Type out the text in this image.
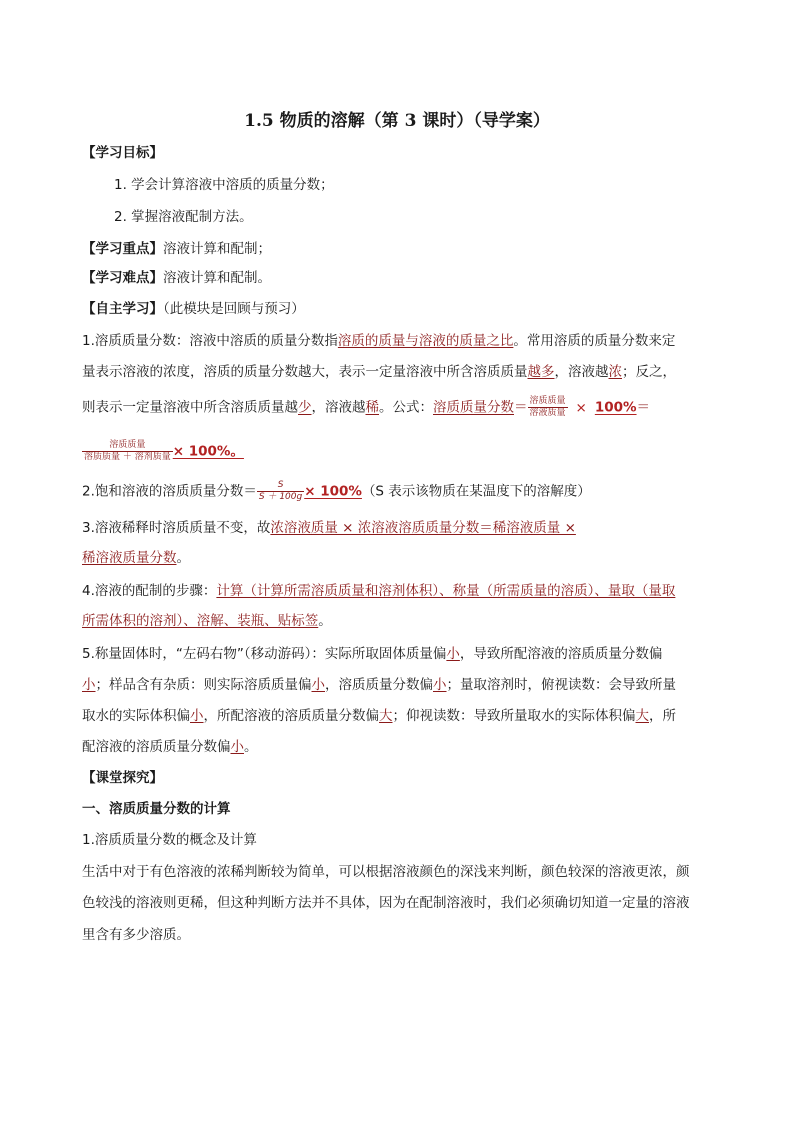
1.5 物质的溶解（第 3 课时）（导学案）
【学习目标】
1. 学会计算溶液中溶质的质量分数；
2. 掌握溶液配制方法。
【学习重点】溶液计算和配制；
【学习难点】溶液计算和配制。
【自主学习】（此模块是回顾与预习）
1.溶质质量分数：溶液中溶质的质量分数指溶质的质量与溶液的质量之比。常用溶质的质量分数来定
量表示溶液的浓度，溶质的质量分数越大，表示一定量溶液中所含溶质质量越多，溶液越浓；反之，
则表示一定量溶液中所含溶质质量越少，溶液越稀。公式：溶质质量分数＝ $\frac{\text{溶质质量}}{\text{溶液质量}} \times 100\%=$
$\frac{\text{溶质质量}}{\text{溶质质量 ＋ 溶剂质量}} \times 100\%$。
2.饱和溶液的溶质质量分数＝ $\frac{S}{S + 100g} \times 100\%(S$ 表示该物质在某温度下的溶解度）
3.溶液稀释时溶质质量不变，故浓溶液质量 × 浓溶液溶质质量分数＝稀溶液质量 ×
稀溶液质量分数。
4.溶液的配制的步骤：计算（计算所需溶质质量和溶剂体积）、称量（所需质量的溶质）、量取（量取
所需体积的溶剂）、溶解、装瓶、贴标签。
5.称量固体时，“左码右物”（移动游码）：实际所取固体质量偏小，导致所配溶液的溶质质量分数偏
小；样品含有杂质：则实际溶质质量偏小，溶质质量分数偏小；量取溶剂时，俯视读数：会导致所量
取水的实际体积偏小，所配溶液的溶质质量分数偏大；仰视读数：导致所量取水的实际体积偏大，所
配溶液的溶质质量分数偏小。
【课堂探究】
一、溶质质量分数的计算
1.溶质质量分数的概念及计算
生活中对于有色溶液的浓稀判断较为简单，可以根据溶液颜色的深浅来判断，颜色较深的溶液更浓，颜
色较浅的溶液则更稀，但这种判断方法并不具体，因为在配制溶液时，我们必须确切知道一定量的溶液
里含有多少溶质。
